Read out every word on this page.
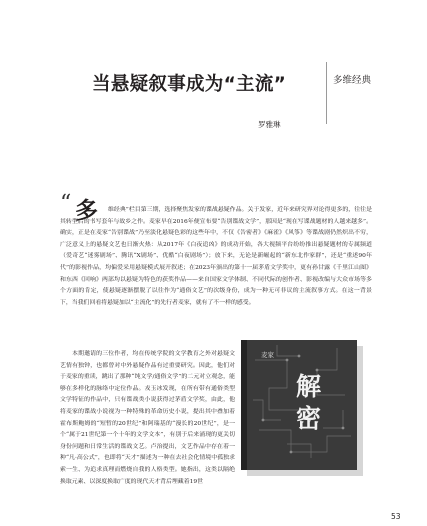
当悬疑叙事成为“主流”	多维经典
罗雅琳
“ 多	维经典”栏目第三期，选择聚焦发家的谍战悬疑作品。关于发家，近年来研究界对论得更多的，往往是其转型后的书写套年与故乡之作。麦家早在2016年便宣布要“告别谍战文学”，那因是“现在写谍战题材的人越来越多”。确实，正是在麦家“告别谍战”乃至淡化悬疑色彩的这些年中，不仅《告密者》《麻雀》《风筝》等谍战剧仍然炽出不穷，广泛意义上的悬疑文艺也日渐火热：从2017年《白夜追凶》的成功开始，各大视频平台纷纷推出悬疑题材的专属频道（爱奇艺“迷雾剧场”、腾讯“X剧场”、优酷“白夜剧场”）；放下来，无论是新崛起的“新东北作家群”，还是“重述90年代”的影视作品，均偏爱采用悬疑模式展开叙述；在2023年颁出的第十一届茅盾文学奖中，更有孙甘露《千里江山图》和东西《回响》两部均以悬疑为特色的获奖作品——来自国家文学体制、不同代际的创作者、影视改编与大众市场等多个方面的肯定，使悬疑逐渐摆脱了以往作为“通俗文艺”的次级身份，成为一种无可非议的主流叙事方式。在这一背景下，当我们回看将悬疑加以“主流化”的先行者麦家，就有了不一样的感受。

本期邀请的三位作者，均在传统学院的文学教育之外对悬疑文艺情有独钟，也都曾对中外悬疑作品有过重要研究。因此，他们对于麦家的重读，跳出了那种“纯文学/通俗文学”的二元对立观念，能够在多样化的脉络中定位作品。戎玉冰发现，在所有带有通俗类型文学特征的作品中，只有谍战类小说获得过茅盾文学奖，由此，他将麦家的谍战小说视为一种特殊的革命历史小说，提出其中叠加着霍布斯鲍姆的“短暂的20世纪”和阿瑞基的“漫长的20世纪”，是一个“属于21世纪第一个十年的文学文本”，有别于后来涌现的更关切身份问题和日常生活的谍战文艺。卢治提出，文艺作品中存在着一种“凡·高公式”，也即将“天才”描述为一种在去社会化情境中孤独求索一生、为追求真理而燃烧自我的人格类型。她指出，这类以隔绝换取元素、以深度换取广度的现代天才背后埋藏着19世

麦家
解
密
53
